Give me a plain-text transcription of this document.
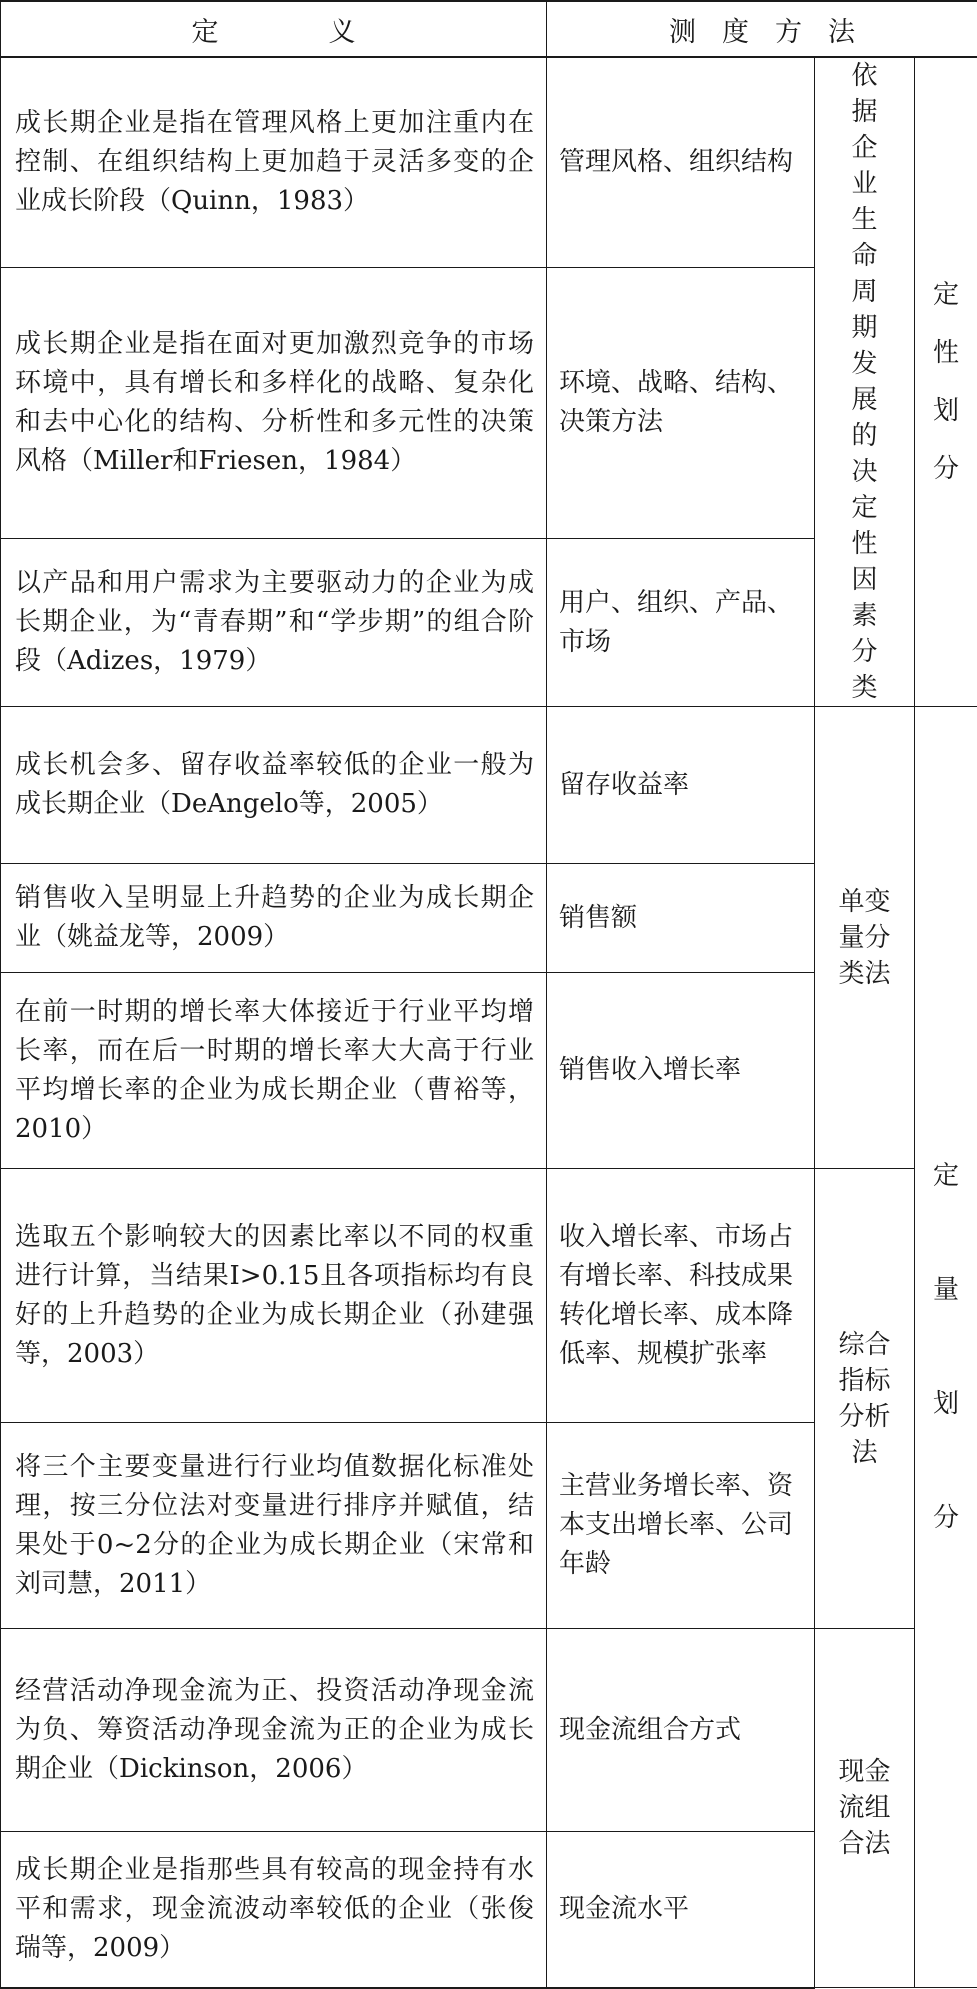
定义	测度方法		
成长期企业是指在管理风格上更加注重内在控制、在组织结构上更加趋于灵活多变的企业成长阶段（Quinn，1983）	管理风格、组织结构	依据企业生命周期发展的决定性因素分类	定性划分
成长期企业是指在面对更加激烈竞争的市场环境中，具有增长和多样化的战略、复杂化和去中心化的结构、分析性和多元性的决策风格（Miller和Friesen，1984）	环境、战略、结构、决策方法		
以产品和用户需求为主要驱动力的企业为成长期企业，为“青春期”和“学步期”的组合阶段（Adizes，1979）	用户、组织、产品、市场		
成长机会多、留存收益率较低的企业一般为成长期企业（DeAngelo等，2005）	留存收益率	单变量分类法	定量划分
销售收入呈明显上升趋势的企业为成长期企业（姚益龙等，2009）	销售额		
在前一时期的增长率大体接近于行业平均增长率，而在后一时期的增长率大大高于行业平均增长率的企业为成长期企业（曹裕等，2010）	销售收入增长率		
选取五个影响较大的因素比率以不同的权重进行计算，当结果I>0.15且各项指标均有良好的上升趋势的企业为成长期企业（孙建强等，2003）	收入增长率、市场占有增长率、科技成果转化增长率、成本降低率、规模扩张率	综合指标分析法	
将三个主要变量进行行业均值数据化标准处理，按三分位法对变量进行排序并赋值，结果处于0~2分的企业为成长期企业（宋常和刘司慧，2011）	主营业务增长率、资本支出增长率、公司年龄		
经营活动净现金流为正、投资活动净现金流为负、筹资活动净现金流为正的企业为成长期企业（Dickinson，2006）	现金流组合方式	现金流组合法	
成长期企业是指那些具有较高的现金持有水平和需求，现金流波动率较低的企业（张俊瑞等，2009）	现金流水平		
